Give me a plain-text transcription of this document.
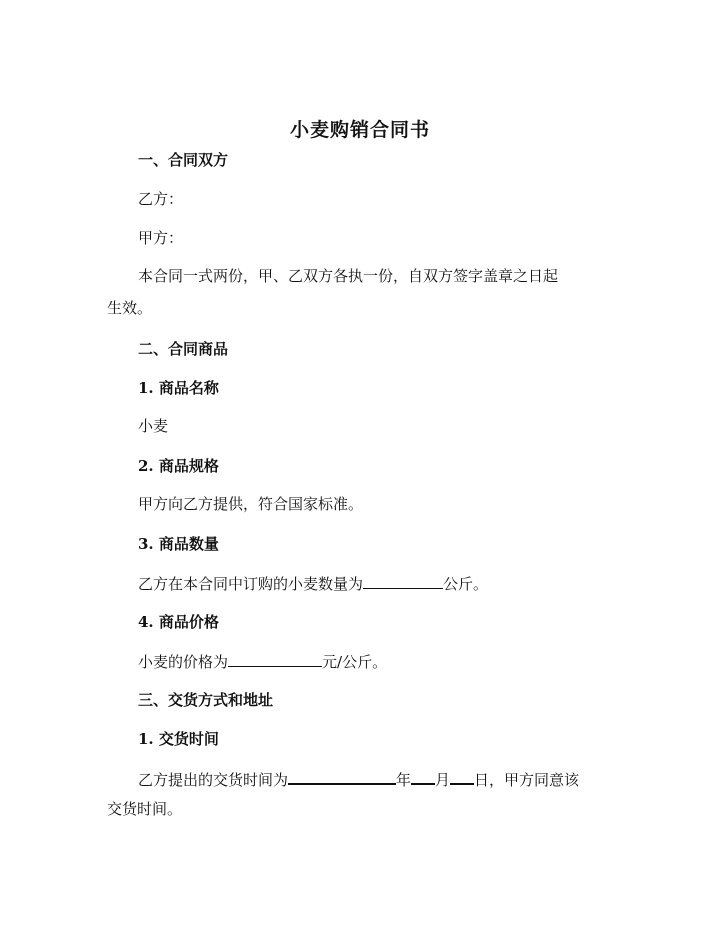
小麦购销合同书
一、合同双方
乙方：
甲方：
本合同一式两份，甲、乙双方各执一份，自双方签字盖章之日起
生效。
二、合同商品
1. 商品名称
小麦
2. 商品规格
甲方向乙方提供，符合国家标准。
3. 商品数量
乙方在本合同中订购的小麦数量为	公斤。
4. 商品价格
小麦的价格为	元/公斤。
三、交货方式和地址
1. 交货时间
乙方提出的交货时间为	年 月 日，甲方同意该
交货时间。
